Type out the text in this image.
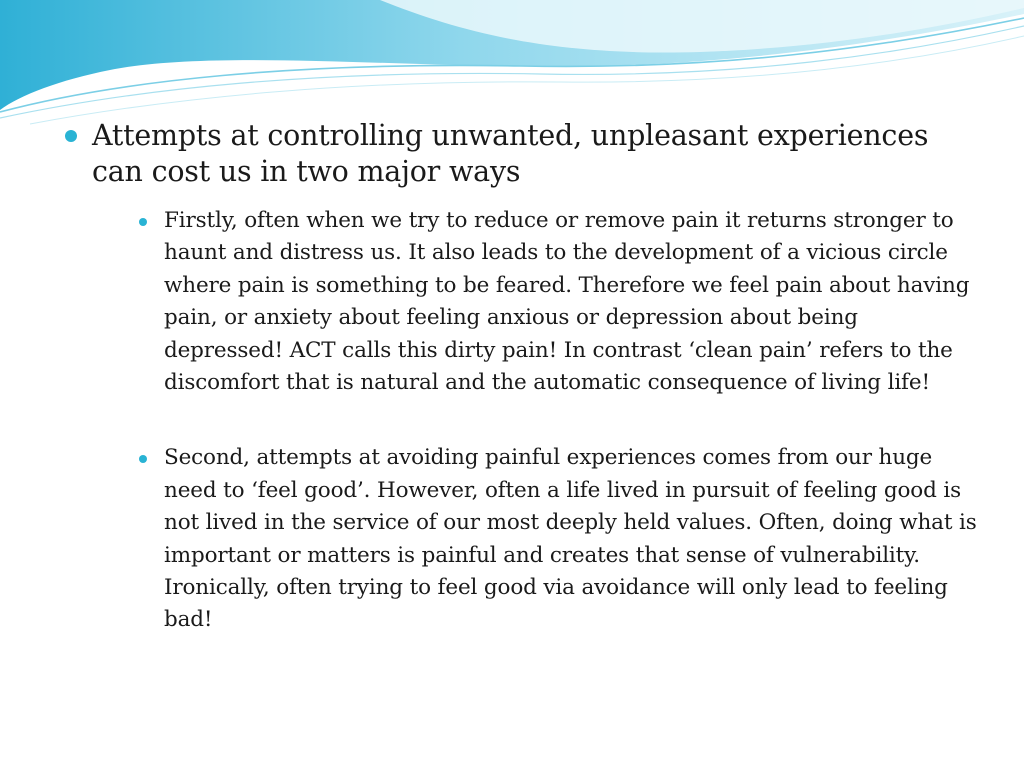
Attempts at controlling unwanted, unpleasant experiences can cost us in two major ways
Firstly, often when we try to reduce or remove pain it returns stronger to haunt and distress us. It also leads to the development of a vicious circle where pain is something to be feared. Therefore we feel pain about having pain, or anxiety about feeling anxious or depression about being depressed! ACT calls this dirty pain! In contrast ‘clean pain’ refers to the discomfort that is natural and the automatic consequence of living life!
Second, attempts at avoiding painful experiences comes from our huge need to ‘feel good’. However, often a life lived in pursuit of feeling good is not lived in the service of our most deeply held values. Often, doing what is important or matters is painful and creates that sense of vulnerability. Ironically, often trying to feel good via avoidance will only lead to feeling bad!
